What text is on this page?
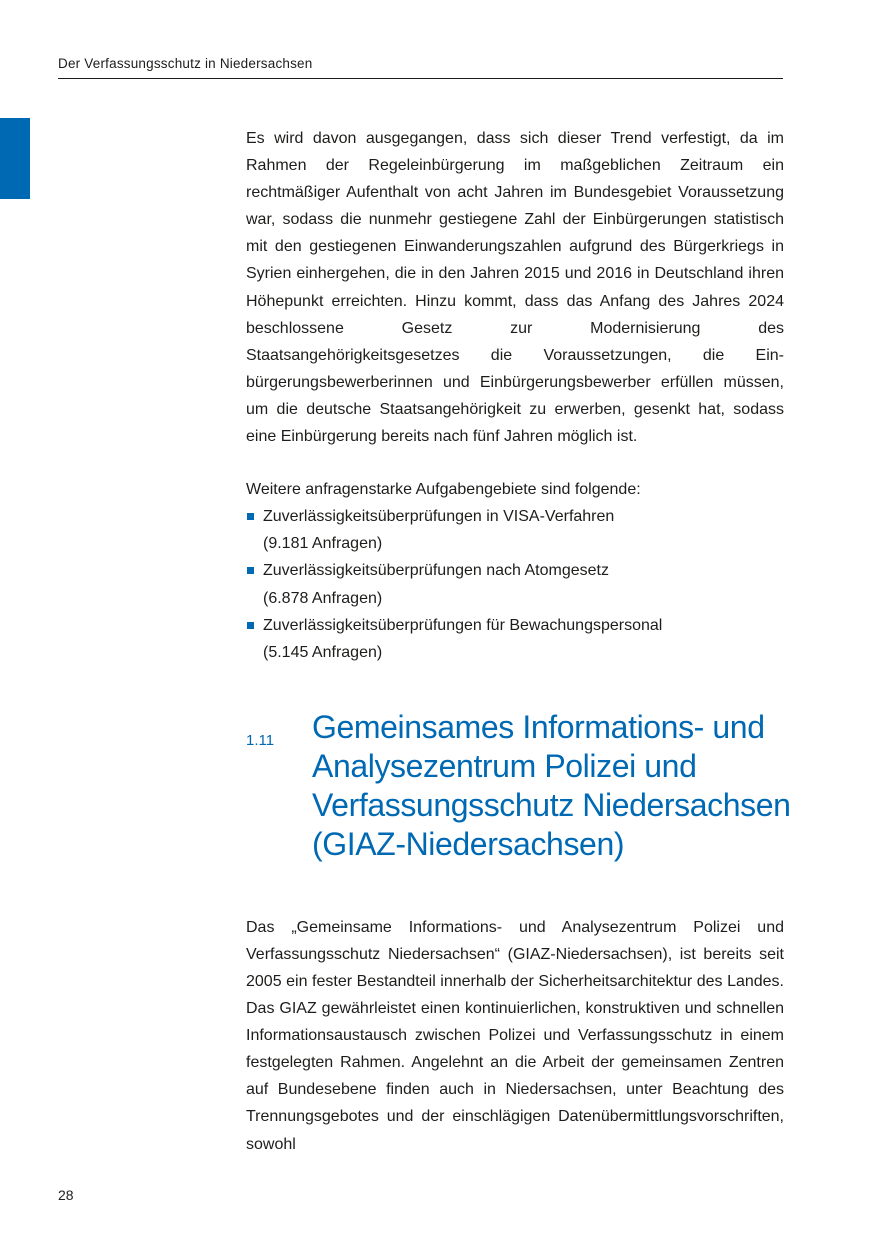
Der Verfassungsschutz in Niedersachsen

Es wird davon ausgegangen, dass sich dieser Trend verfestigt, da im Rahmen der Regeleinbürgerung im maßgeblichen Zeitraum ein rechtmäßiger Aufenthalt von acht Jahren im Bundesgebiet Voraussetzung war, sodass die nunmehr gestiegene Zahl der Einbürgerungen statistisch mit den gestiegenen Einwanderungszahlen aufgrund des Bürgerkriegs in Syrien einhergehen, die in den Jahren 2015 und 2016 in Deutschland ihren Höhepunkt erreichten. Hinzu kommt, dass das Anfang des Jahres 2024 beschlossene Gesetz zur Modernisierung des Staatsangehörigkeitsgesetzes die Voraussetzungen, die Einbürgerungsbewerberinnen und Einbürgerungsbewerber erfüllen müssen, um die deutsche Staatsangehörigkeit zu erwerben, gesenkt hat, sodass eine Einbürgerung bereits nach fünf Jahren möglich ist.

Weitere anfragenstarke Aufgabengebiete sind folgende:

Zuverlässigkeitsüberprüfungen in VISA-Verfahren
(9.181 Anfragen)
Zuverlässigkeitsüberprüfungen nach Atomgesetz
(6.878 Anfragen)
Zuverlässigkeitsüberprüfungen für Bewachungspersonal
(5.145 Anfragen)
1.11 Gemeinsames Informations- und Analysezentrum Polizei und Verfassungsschutz Niedersachsen (GIAZ-Niedersachsen)

Das „Gemeinsame Informations- und Analysezentrum Polizei und Verfassungsschutz Niedersachsen“ (GIAZ-Niedersachsen), ist bereits seit 2005 ein fester Bestandteil innerhalb der Sicherheitsarchitektur des Landes. Das GIAZ gewährleistet einen kontinuierlichen, konstruktiven und schnellen Informationsaustausch zwischen Polizei und Verfassungsschutz in einem festgelegten Rahmen. Angelehnt an die Arbeit der gemeinsamen Zentren auf Bundesebene finden auch in Niedersachsen, unter Beachtung des Trennungsgebotes und der einschlägigen Datenübermittlungsvorschriften, sowohl

28
